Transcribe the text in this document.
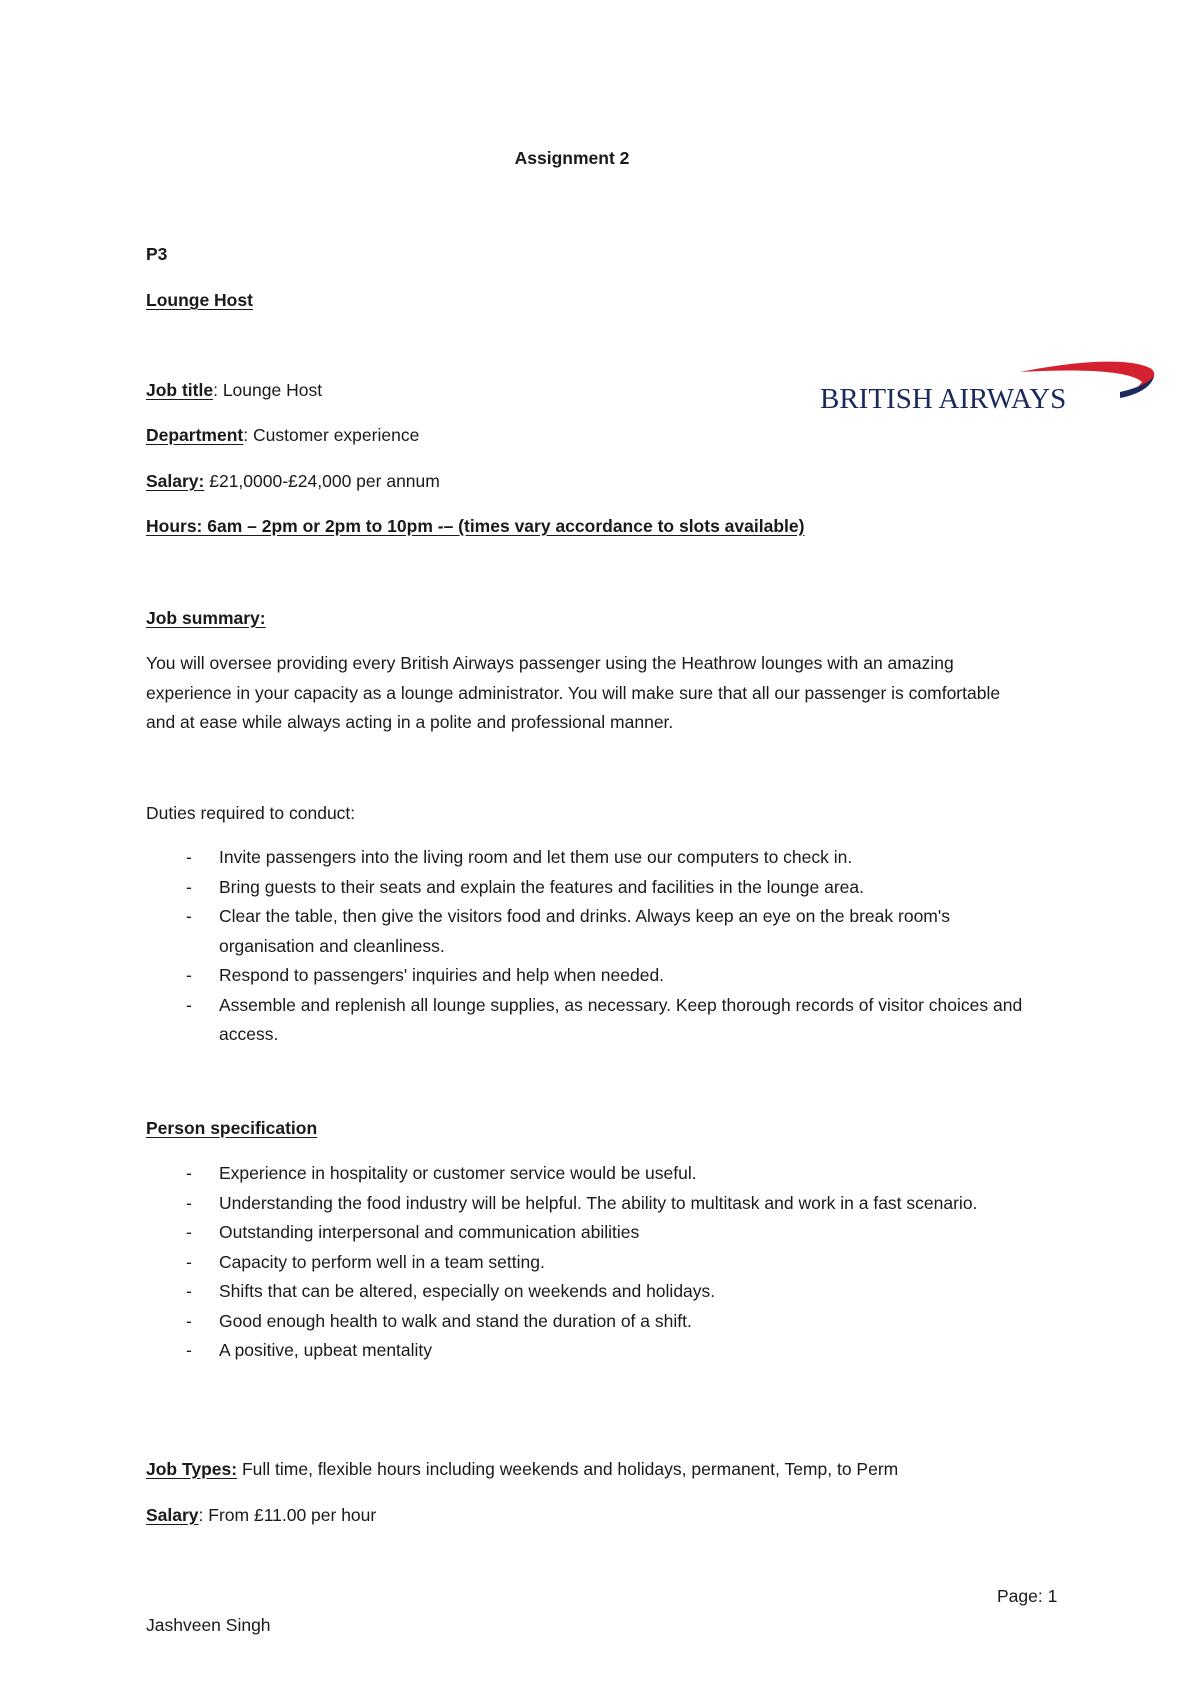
Assignment 2
P3
Lounge Host
Job title: Lounge Host	BRITISH AIRWAYS
Department: Customer experience
Salary: £21,0000-£24,000 per annum
Hours: 6am – 2pm or 2pm to 10pm -– (times vary accordance to slots available)
Job summary:
You will oversee providing every British Airways passenger using the Heathrow lounges with an amazing experience in your capacity as a lounge administrator. You will make sure that all our passenger is comfortable and at ease while always acting in a polite and professional manner.
Duties required to conduct:
- Invite passengers into the living room and let them use our computers to check in.
- Bring guests to their seats and explain the features and facilities in the lounge area.
- Clear the table, then give the visitors food and drinks. Always keep an eye on the break room's organisation and cleanliness.
- Respond to passengers' inquiries and help when needed.
- Assemble and replenish all lounge supplies, as necessary. Keep thorough records of visitor choices and access.
Person specification
- Experience in hospitality or customer service would be useful.
- Understanding the food industry will be helpful. The ability to multitask and work in a fast scenario.
- Outstanding interpersonal and communication abilities
- Capacity to perform well in a team setting.
- Shifts that can be altered, especially on weekends and holidays.
- Good enough health to walk and stand the duration of a shift.
- A positive, upbeat mentality
Job Types: Full time, flexible hours including weekends and holidays, permanent, Temp, to Perm
Salary: From £11.00 per hour
Page: 1
Jashveen Singh
